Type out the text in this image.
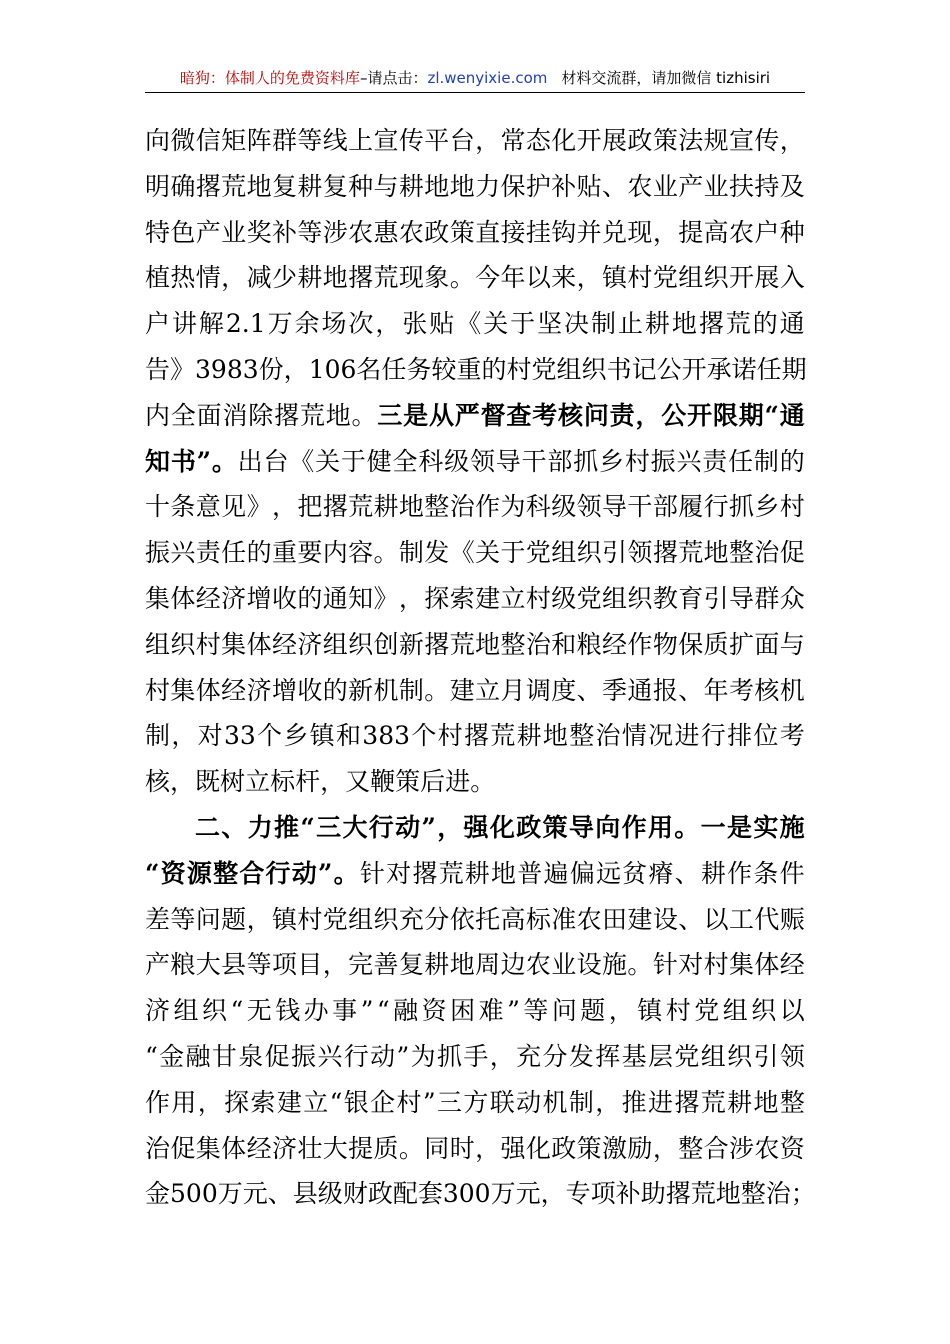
暗狗：体制人的免费资料库–请点击：zl.wenyixie.com 材料交流群，请加微信 tizhisiri
向 微 信 矩 阵 群 等 线 上 宣 传 平 台 ， 常 态 化 开 展 政 策 法 规 宣 传 ，
明 确 撂 荒 地 复 耕 复 种 与 耕 地 地 力 保 护 补 贴 、 农 业 产 业 扶 持 及
特 色 产 业 奖 补 等 涉 农 惠 农 政 策 直 接 挂 钩 并 兑 现 ， 提 高 农 户 种
植 热 情 ， 减 少 耕 地 撂 荒 现 象 。 今 年 以 来 ， 镇 村 党 组 织 开 展 入
户 讲 解 2.1 万 余 场 次 ， 张 贴 《 关 于 坚 决 制 止 耕 地 撂 荒 的 通
告 》 3983 份 ， 106 名 任 务 较 重 的 村 党 组 织 书 记 公 开 承 诺 任 期
内 全 面 消 除 撂 荒 地 。 三 是 从 严 督 查 考 核 问 责 ， 公 开 限 期 “ 通
知 书 ” 。 出 台 《 关 于 健 全 科 级 领 导 干 部 抓 乡 村 振 兴 责 任 制 的
十 条 意 见 》 ， 把 撂 荒 耕 地 整 治 作 为 科 级 领 导 干 部 履 行 抓 乡 村
振 兴 责 任 的 重 要 内 容 。 制 发 《 关 于 党 组 织 引 领 撂 荒 地 整 治 促
集 体 经 济 增 收 的 通 知 》 ， 探 索 建 立 村 级 党 组 织 教 育 引 导 群 众
组 织 村 集 体 经 济 组 织 创 新 撂 荒 地 整 治 和 粮 经 作 物 保 质 扩 面 与
村 集 体 经 济 增 收 的 新 机 制 。 建 立 月 调 度 、 季 通 报 、 年 考 核 机
制 ， 对 33 个 乡 镇 和 383 个 村 撂 荒 耕 地 整 治 情 况 进 行 排 位 考
核 ， 既 树 立 标 杆 ， 又 鞭 策 后 进 。
二 、 力 推 “ 三 大 行 动 ” ， 强 化 政 策 导 向 作 用 。 一 是 实 施
“ 资 源 整 合 行 动 ” 。 针 对 撂 荒 耕 地 普 遍 偏 远 贫 瘠 、 耕 作 条 件
差 等 问 题 ， 镇 村 党 组 织 充 分 依 托 高 标 准 农 田 建 设 、 以 工 代 赈
产 粮 大 县 等 项 目 ， 完 善 复 耕 地 周 边 农 业 设 施 。 针 对 村 集 体 经
济 组 织 “ 无 钱 办 事 ” “ 融 资 困 难 ” 等 问 题 ， 镇 村 党 组 织 以
“ 金 融 甘 泉 促 振 兴 行 动 ” 为 抓 手 ， 充 分 发 挥 基 层 党 组 织 引 领
作 用 ， 探 索 建 立 “ 银 企 村 ” 三 方 联 动 机 制 ， 推 进 撂 荒 耕 地 整
治 促 集 体 经 济 壮 大 提 质 。 同 时 ， 强 化 政 策 激 励 ， 整 合 涉 农 资
金 500 万 元 、 县 级 财 政 配 套 300 万 元 ， 专 项 补 助 撂 荒 地 整 治 ；
